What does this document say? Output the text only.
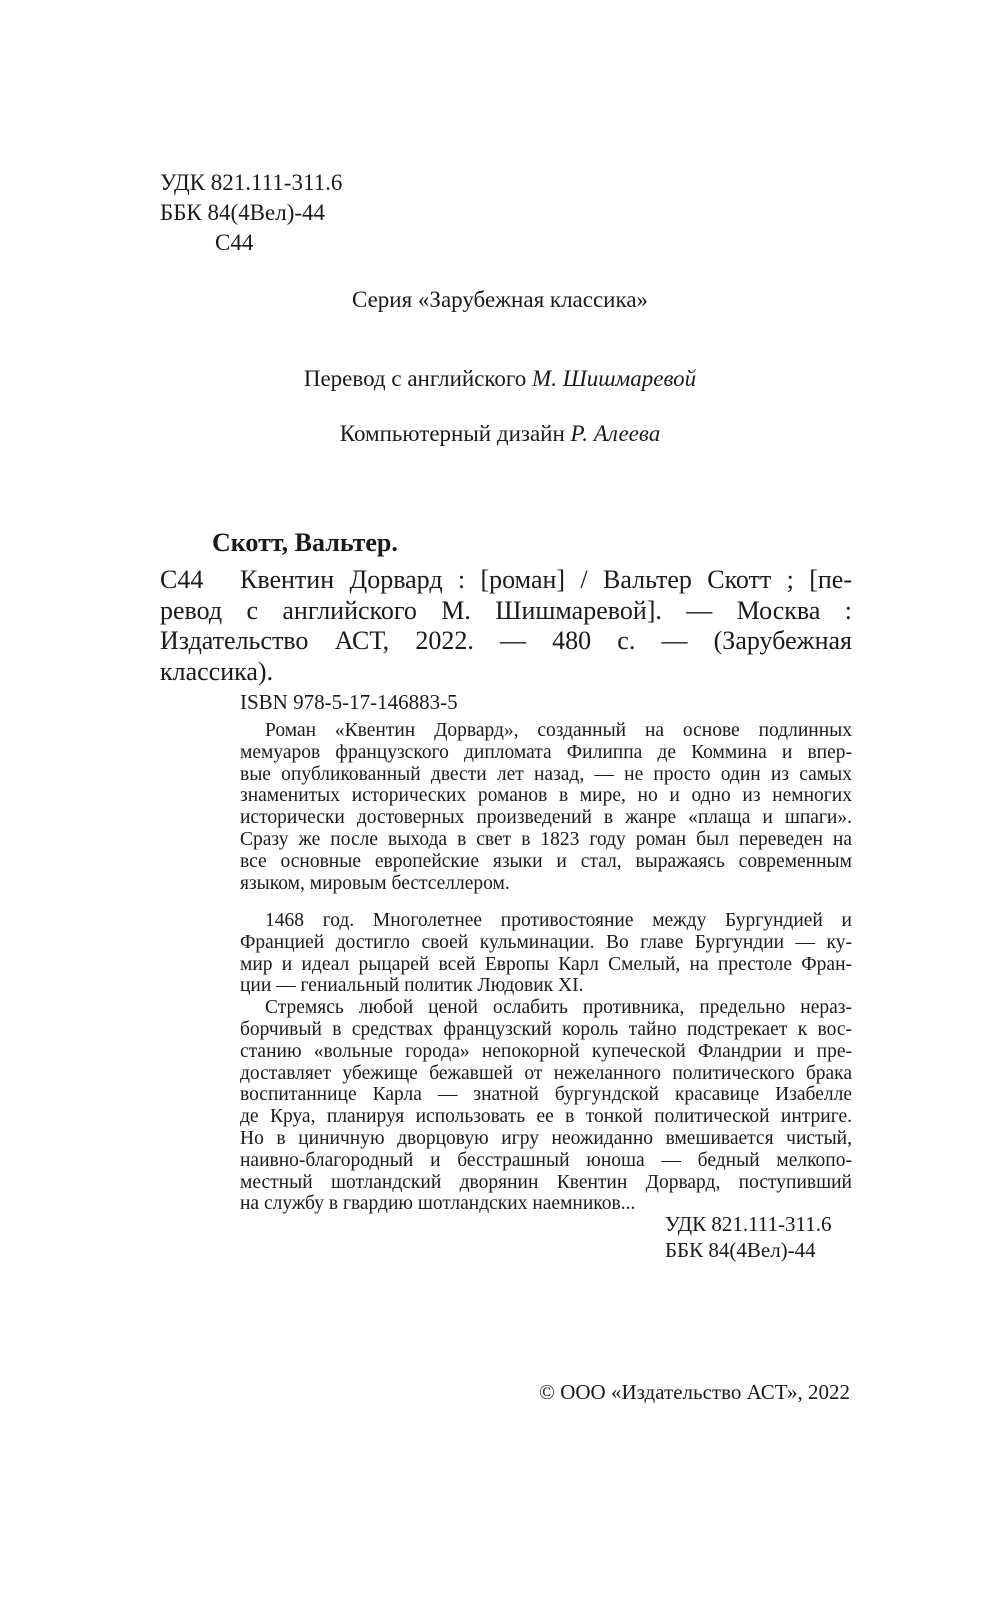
УДК 821.111-311.6
ББК 84(4Вел)-44
С44
Серия «Зарубежная классика»
Перевод с английского М. Шишмаревой
Компьютерный дизайн Р. Алеева
Скотт, Вальтер.
С44 Квентин Дорвард : [роман] / Вальтер Скотт ; [пе-
ревод с английского М. Шишмаревой]. — Москва :
Издательство АСТ, 2022. — 480 с. — (Зарубежная
классика).
ISBN 978-5-17-146883-5
Роман «Квентин Дорвард», созданный на основе подлинных
мемуаров французского дипломата Филиппа де Коммина и впер-
вые опубликованный двести лет назад, — не просто один из самых
знаменитых исторических романов в мире, но и одно из немногих
исторически достоверных произведений в жанре «плаща и шпаги».
Сразу же после выхода в свет в 1823 году роман был переведен на
все основные европейские языки и стал, выражаясь современным
языком, мировым бестселлером.
1468 год. Многолетнее противостояние между Бургундией и
Францией достигло своей кульминации. Во главе Бургундии — ку-
мир и идеал рыцарей всей Европы Карл Смелый, на престоле Фран-
ции — гениальный политик Людовик XI.
Стремясь любой ценой ослабить противника, предельно нераз-
борчивый в средствах французский король тайно подстрекает к вос-
станию «вольные города» непокорной купеческой Фландрии и пре-
доставляет убежище бежавшей от нежеланного политического брака
воспитаннице Карла — знатной бургундской красавице Изабелле
де Круа, планируя использовать ее в тонкой политической интриге.
Но в циничную дворцовую игру неожиданно вмешивается чистый,
наивно-благородный и бесстрашный юноша — бедный мелкопо-
местный шотландский дворянин Квентин Дорвард, поступивший
на службу в гвардию шотландских наемников...
УДК 821.111-311.6
ББК 84(4Вел)-44
© ООО «Издательство АСТ», 2022
